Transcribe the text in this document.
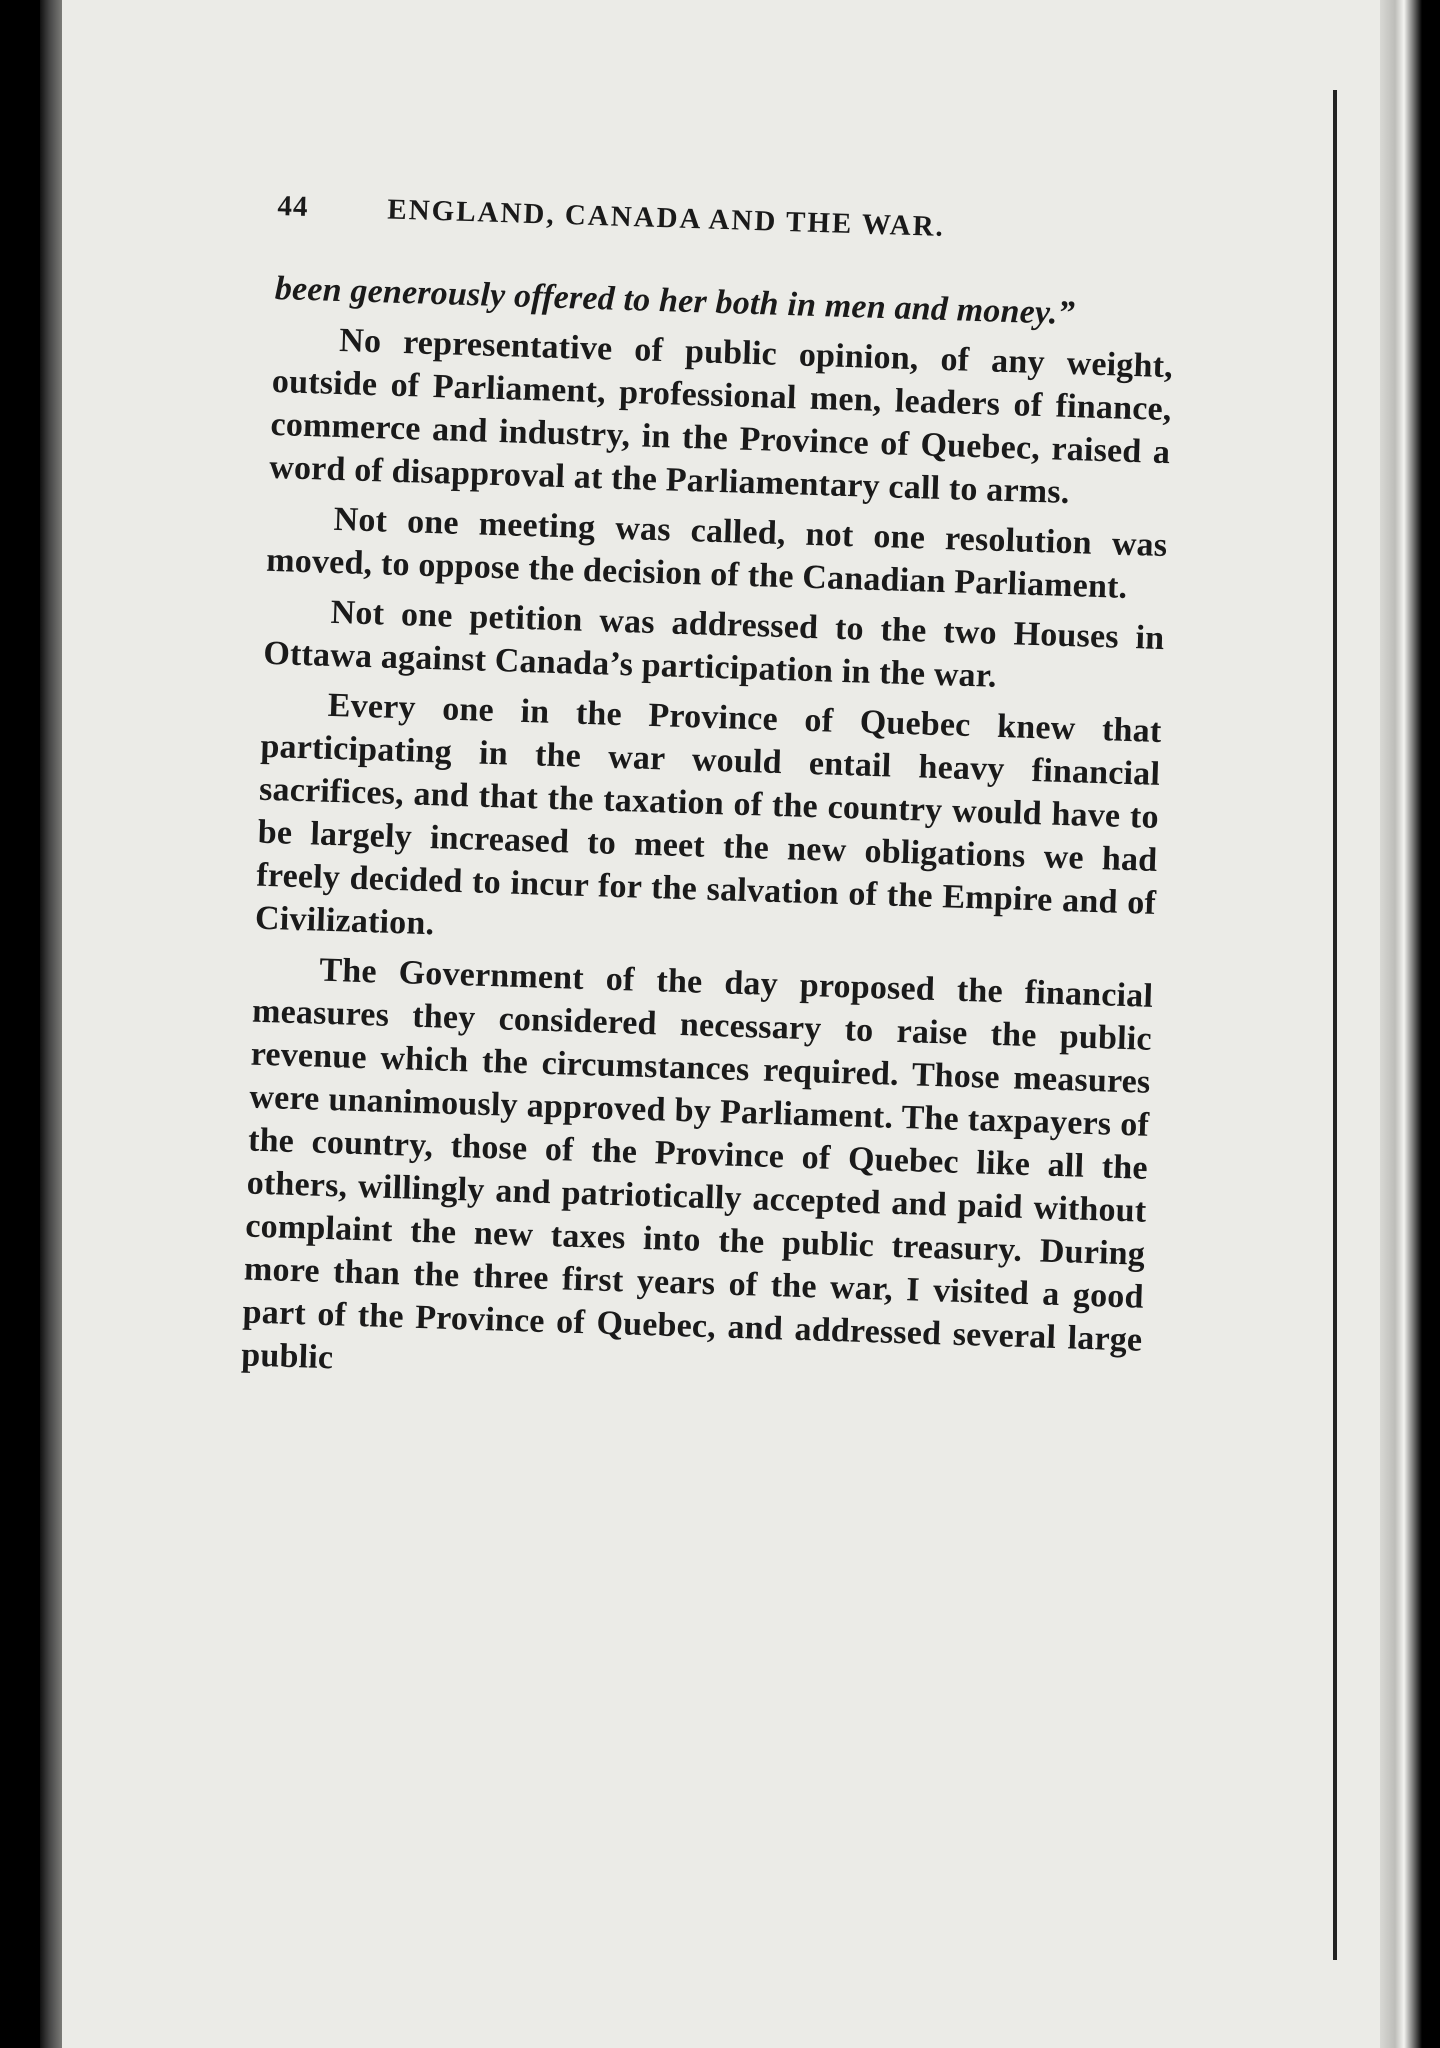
44	ENGLAND, CANADA AND THE WAR.

been generously offered to her both in men and money.”

No representative of public opinion, of any weight, outside of Parliament, professional men, leaders of finance, commerce and industry, in the Province of Quebec, raised a word of disapproval at the Parliamentary call to arms.

Not one meeting was called, not one resolution was moved, to oppose the decision of the Canadian Parliament.

Not one petition was addressed to the two Houses in Ottawa against Canada’s participation in the war.

Every one in the Province of Quebec knew that participating in the war would entail heavy financial sacrifices, and that the taxation of the country would have to be largely increased to meet the new obligations we had freely decided to incur for the salvation of the Empire and of Civilization.

The Government of the day proposed the financial measures they considered necessary to raise the public revenue which the circumstances required. Those measures were unanimously approved by Parliament. The taxpayers of the country, those of the Province of Quebec like all the others, willingly and patriotically accepted and paid without complaint the new taxes into the public treasury. During more than the three first years of the war, I visited a good part of the Province of Quebec, and addressed several large public
